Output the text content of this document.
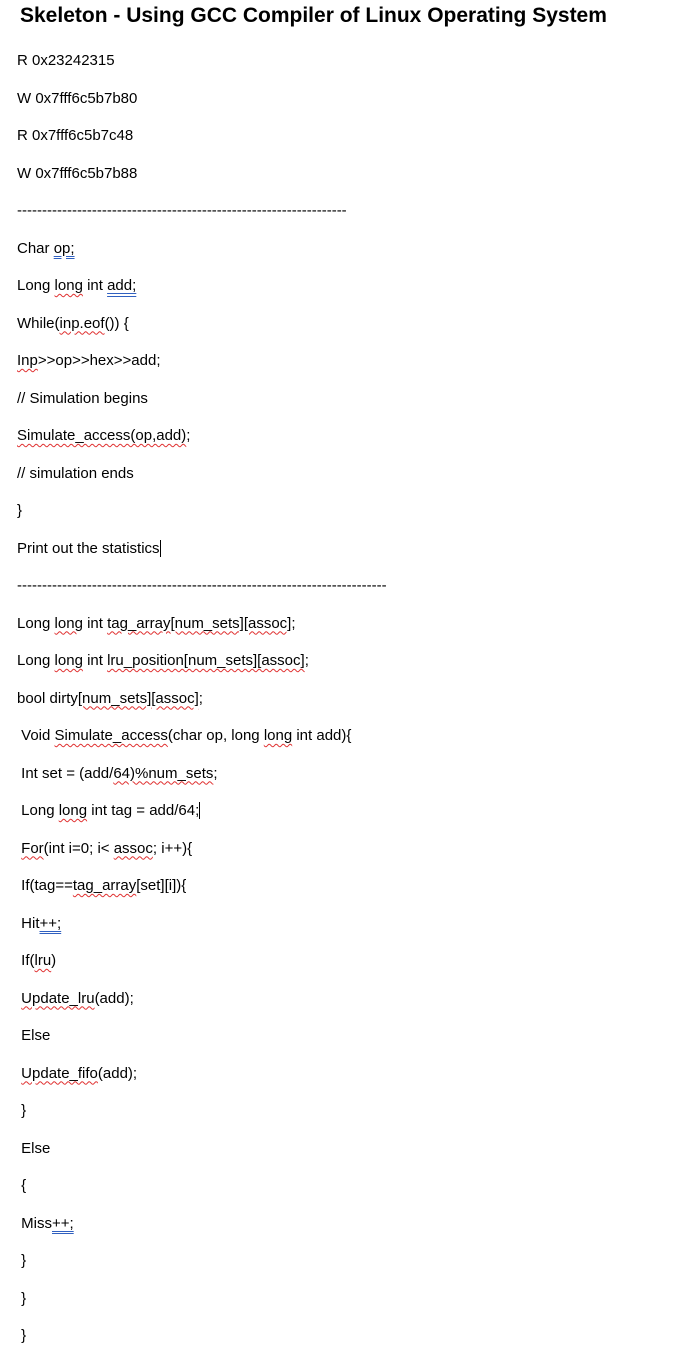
Skeleton - Using GCC Compiler of Linux Operating System
R 0x23242315
W 0x7fff6c5b7b80
R 0x7fff6c5b7c48
W 0x7fff6c5b7b88
------------------------------------------------------------------
Char op;
Long long int add;
While(inp.eof()) {
Inp>>op>>hex>>add;
// Simulation begins
Simulate_access(op,add);
// simulation ends
}
Print out the statistics
--------------------------------------------------------------------------
Long long int tag_array[num_sets][assoc];
Long long int lru_position[num_sets][assoc];
bool dirty[num_sets][assoc];
Void Simulate_access(char op, long long int add){
Int set = (add/64)%num_sets;
Long long int tag = add/64;
For(int i=0; i< assoc; i++){
If(tag==tag_array[set][i]){
Hit++;
If(lru)
Update_lru(add);
Else
Update_fifo(add);
}
Else
{
Miss++;
}
}
}
